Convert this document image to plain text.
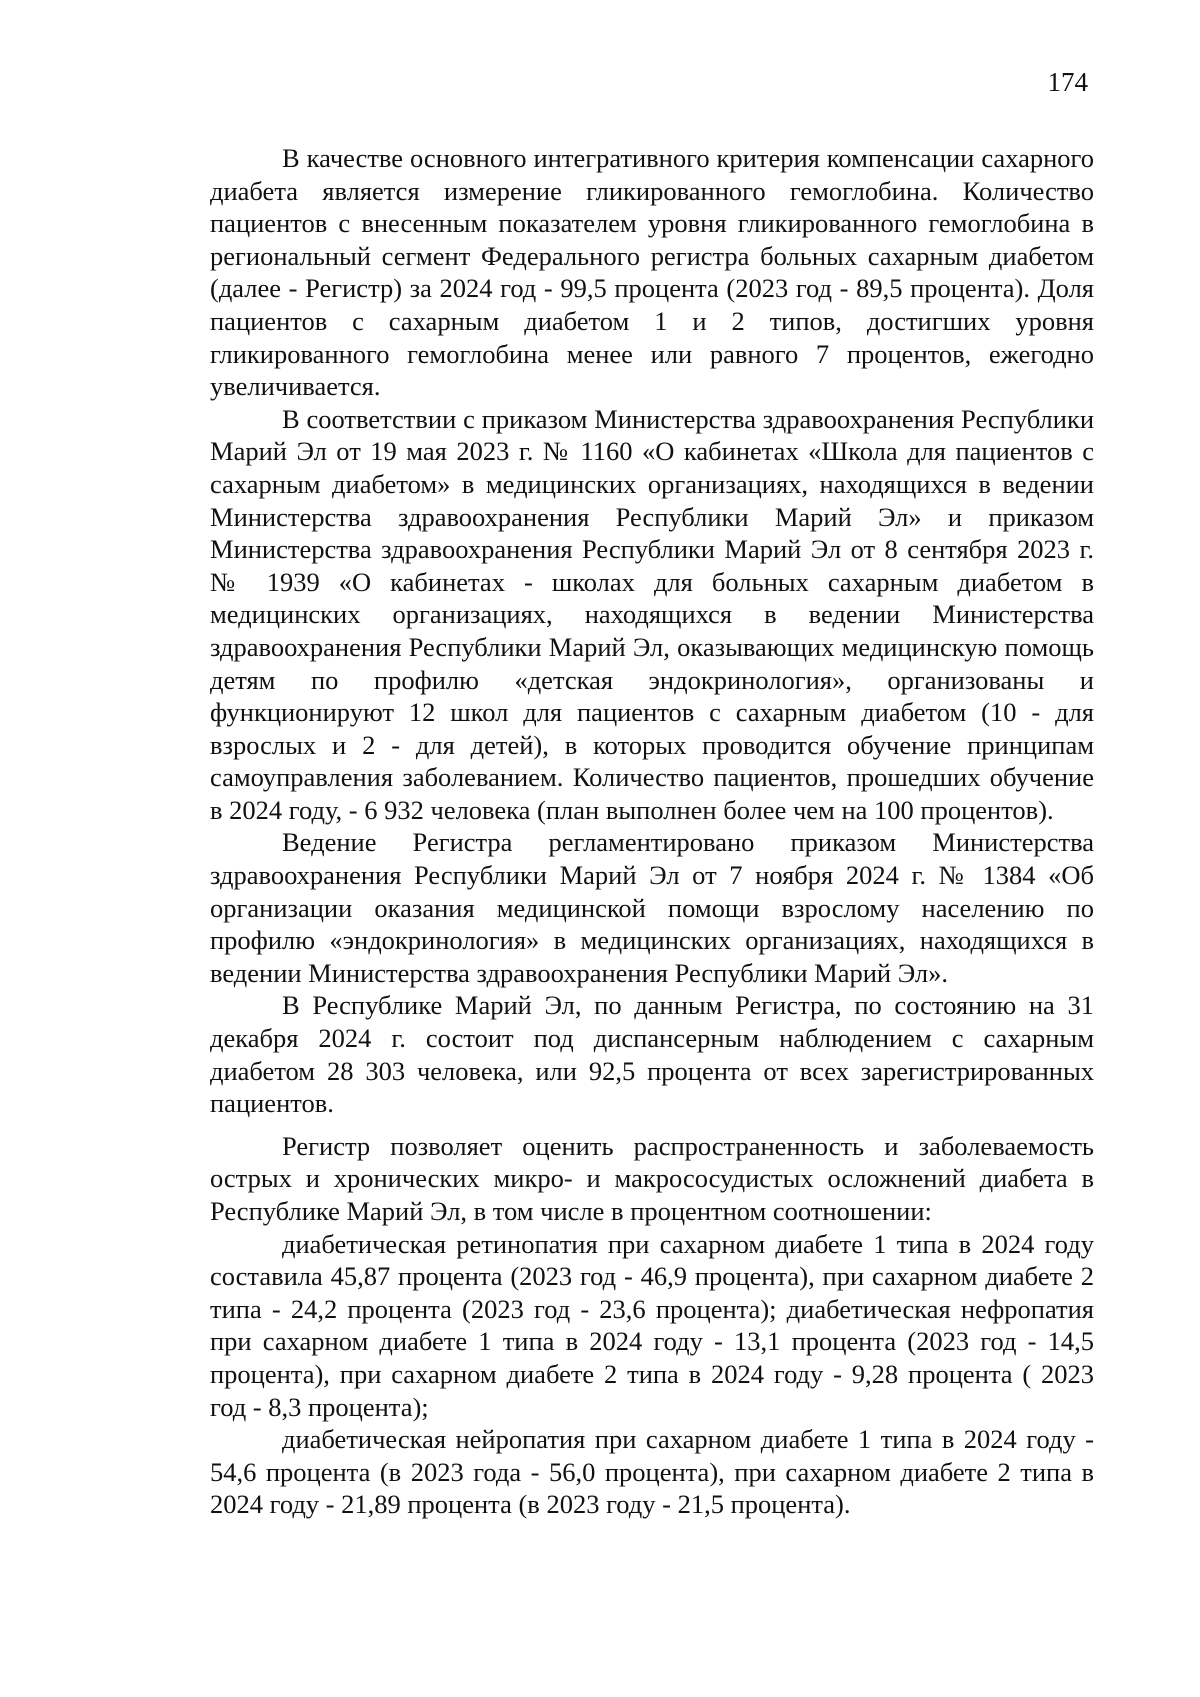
174

В качестве основного интегративного критерия компенсации сахарного диабета является измерение гликированного гемоглобина. Количество пациентов с внесенным показателем уровня гликированного гемоглобина в региональный сегмент Федерального регистра больных сахарным диабетом (далее - Регистр) за 2024 год - 99,5 процента (2023 год - 89,5 процента). Доля пациентов с сахарным диабетом 1 и 2 типов, достигших уровня гликированного гемоглобина менее или равного 7 процентов, ежегодно увеличивается.

В соответствии с приказом Министерства здравоохранения Республики Марий Эл от 19 мая 2023 г. № 1160 «О кабинетах «Школа для пациентов с сахарным диабетом» в медицинских организациях, находящихся в ведении Министерства здравоохранения Республики Марий Эл» и приказом Министерства здравоохранения Республики Марий Эл от 8 сентября 2023 г. № 1939 «О кабинетах - школах для больных сахарным диабетом в медицинских организациях, находящихся в ведении Министерства здравоохранения Республики Марий Эл, оказывающих медицинскую помощь детям по профилю «детская эндокринология», организованы и функционируют 12 школ для пациентов с сахарным диабетом (10 - для взрослых и 2 - для детей), в которых проводится обучение принципам самоуправления заболеванием. Количество пациентов, прошедших обучение в 2024 году, - 6 932 человека (план выполнен более чем на 100 процентов).

Ведение Регистра регламентировано приказом Министерства здравоохранения Республики Марий Эл от 7 ноября 2024 г. № 1384 «Об организации оказания медицинской помощи взрослому населению по профилю «эндокринология» в медицинских организациях, находящихся в ведении Министерства здравоохранения Республики Марий Эл».

В Республике Марий Эл, по данным Регистра, по состоянию на 31 декабря 2024 г. состоит под диспансерным наблюдением с сахарным диабетом 28 303 человека, или 92,5 процента от всех зарегистрированных пациентов.

Регистр позволяет оценить распространенность и заболеваемость острых и хронических микро- и макрососудистых осложнений диабета в Республике Марий Эл, в том числе в процентном соотношении:

диабетическая ретинопатия при сахарном диабете 1 типа в 2024 году составила 45,87 процента (2023 год - 46,9 процента), при сахарном диабете 2 типа - 24,2 процента (2023 год - 23,6 процента); диабетическая нефропатия при сахарном диабете 1 типа в 2024 году - 13,1 процента (2023 год - 14,5 процента), при сахарном диабете 2 типа в 2024 году - 9,28 процента ( 2023 год - 8,3 процента);

диабетическая нейропатия при сахарном диабете 1 типа в 2024 году - 54,6 процента (в 2023 года - 56,0 процента), при сахарном диабете 2 типа в 2024 году - 21,89 процента (в 2023 году - 21,5 процента).
